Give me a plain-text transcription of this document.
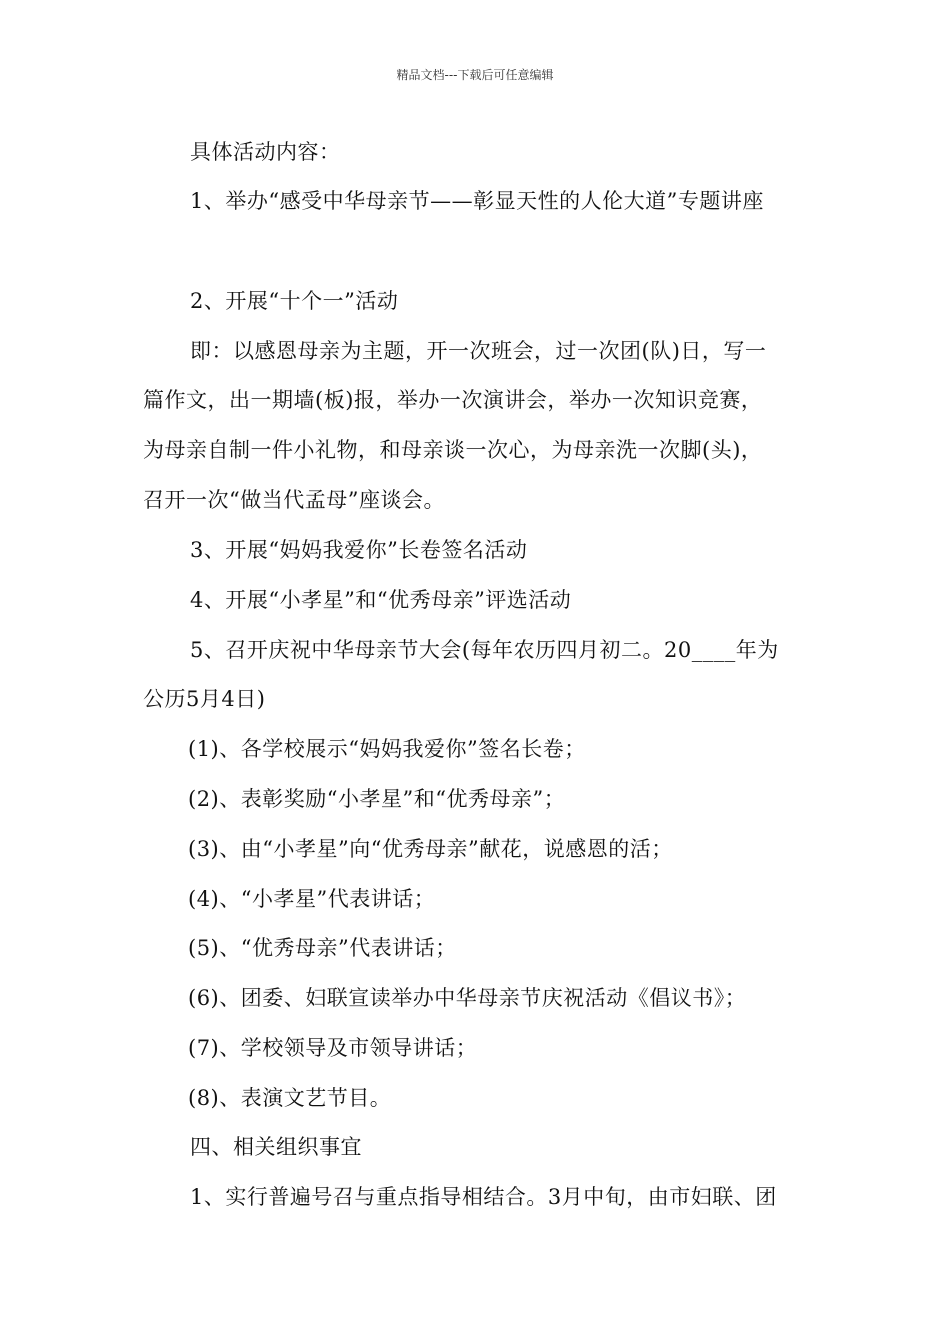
精品文档---下载后可任意编辑
具体活动内容：
1、举办“感受中华母亲节——彰显天性的人伦大道”专题讲座
2、开展“十个一”活动
即：以感恩母亲为主题，开一次班会，过一次团(队)日，写一
篇作文，出一期墙(板)报，举办一次演讲会，举办一次知识竞赛，
为母亲自制一件小礼物，和母亲谈一次心，为母亲洗一次脚(头)，
召开一次“做当代孟母”座谈会。
3、开展“妈妈我爱你”长卷签名活动
4、开展“小孝星”和“优秀母亲”评选活动
5、召开庆祝中华母亲节大会(每年农历四月初二。20____年为
公历5月4日)
(1)、各学校展示“妈妈我爱你”签名长卷；
(2)、表彰奖励“小孝星”和“优秀母亲”；
(3)、由“小孝星”向“优秀母亲”献花，说感恩的活；
(4)、“小孝星”代表讲话；
(5)、“优秀母亲”代表讲话；
(6)、团委、妇联宣读举办中华母亲节庆祝活动《倡议书》；
(7)、学校领导及市领导讲话；
(8)、表演文艺节目。
四、相关组织事宜
1、实行普遍号召与重点指导相结合。3月中旬，由市妇联、团
